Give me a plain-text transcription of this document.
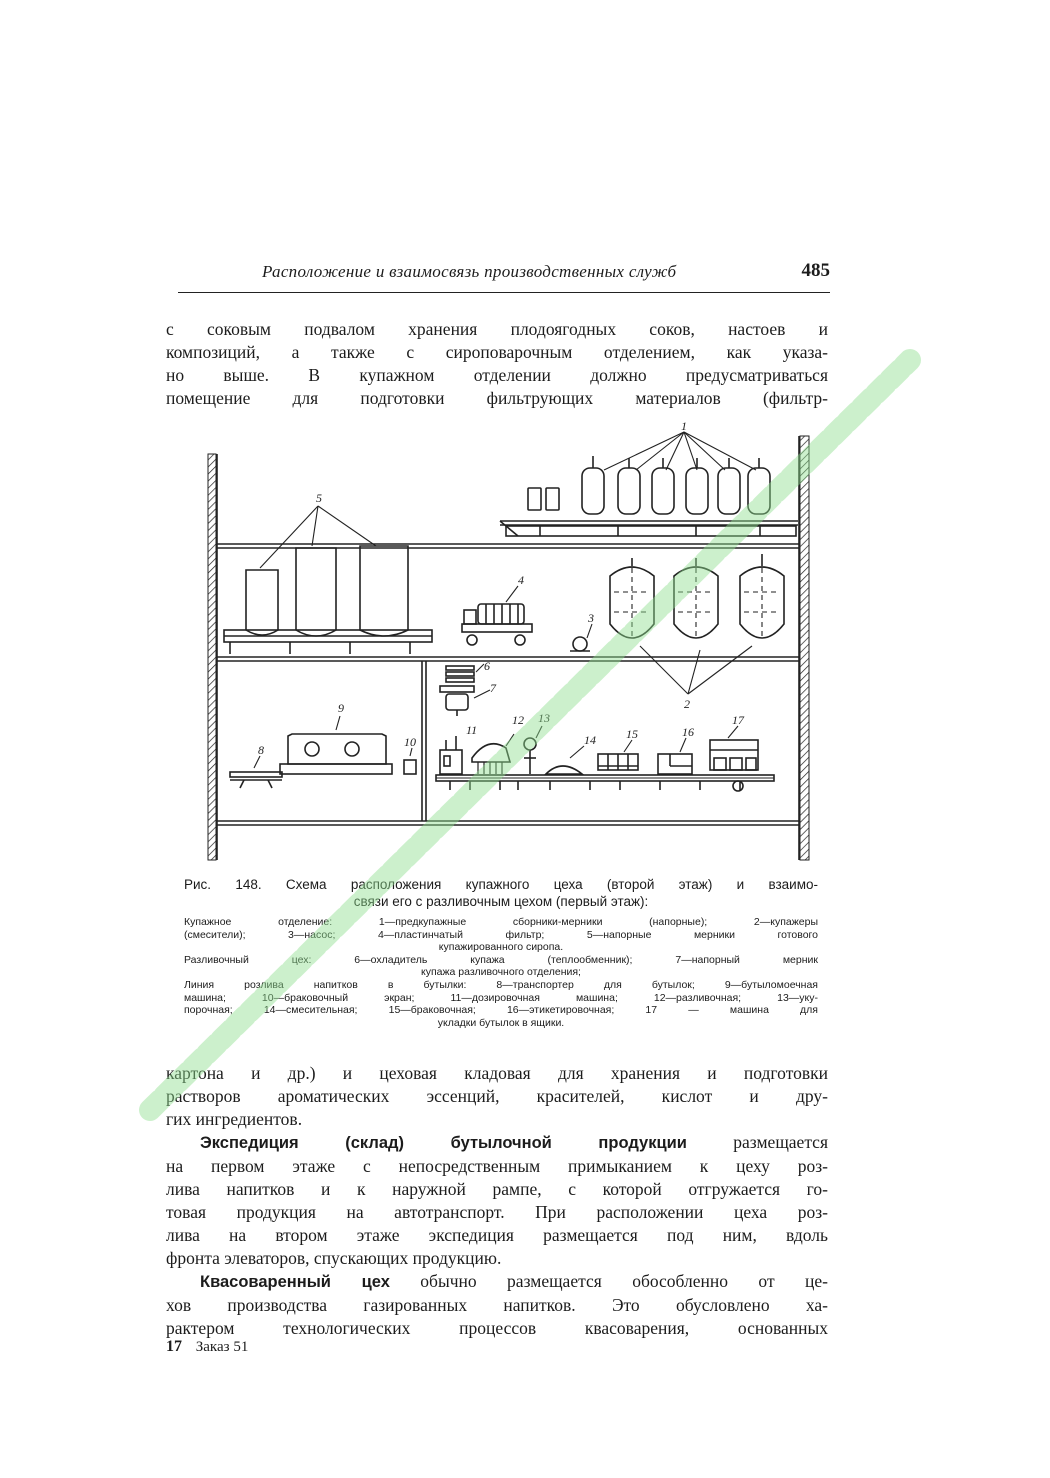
Расположение и взаимосвязь производственных служб	485
с соковым подвалом хранения плодоягодных соков, настоев и
композиций, а также с сироповарочным отделением, как указа-
но выше. В купажном отделении должно предусматриваться
помещение для подготовки фильтрующих материалов (фильтр-
1
5
4
3
2
6
7
9
8
10
11
12 13
14	15	16
17
Рис. 148. Схема расположения купажного цеха (второй этаж) и взаимо-
связи его с разливочным цехом (первый этаж):
Купажное отделение: 1—предкупажные сборники-мерники (напорные); 2—купажеры
(смесители); 3—насос; 4—пластинчатый фильтр; 5—напорные мерники готового
купажированного сиропа.
Разливочный цех: 6—охладитель купажа (теплообменник); 7—напорный мерник
купажа разливочного отделения;
Линия розлива напитков в бутылки: 8—транспортер для бутылок; 9—бутыломоечная
машина; 10—браковочный экран; 11—дозировочная машина; 12—разливочная; 13—уку-
порочная; 14—смесительная; 15—браковочная; 16—этикетировочная; 17 — машина для
укладки бутылок в ящики.
картона и др.) и цеховая кладовая для хранения и подготовки
растворов ароматических эссенций, красителей, кислот и дру-
гих ингредиентов.
Экспедиция (склад) бутылочной продукции размещается
на первом этаже с непосредственным примыканием к цеху роз-
лива напитков и к наружной рампе, с которой отгружается го-
товая продукция на автотранспорт. При расположении цеха роз-
лива на втором этаже экспедиция размещается под ним, вдоль
фронта элеваторов, спускающих продукцию.
Квасоваренный цех обычно размещается обособленно от це-
хов производства газированных напитков. Это обусловлено ха-
рактером технологических процессов квасоварения, основанных
17 Заказ 51
